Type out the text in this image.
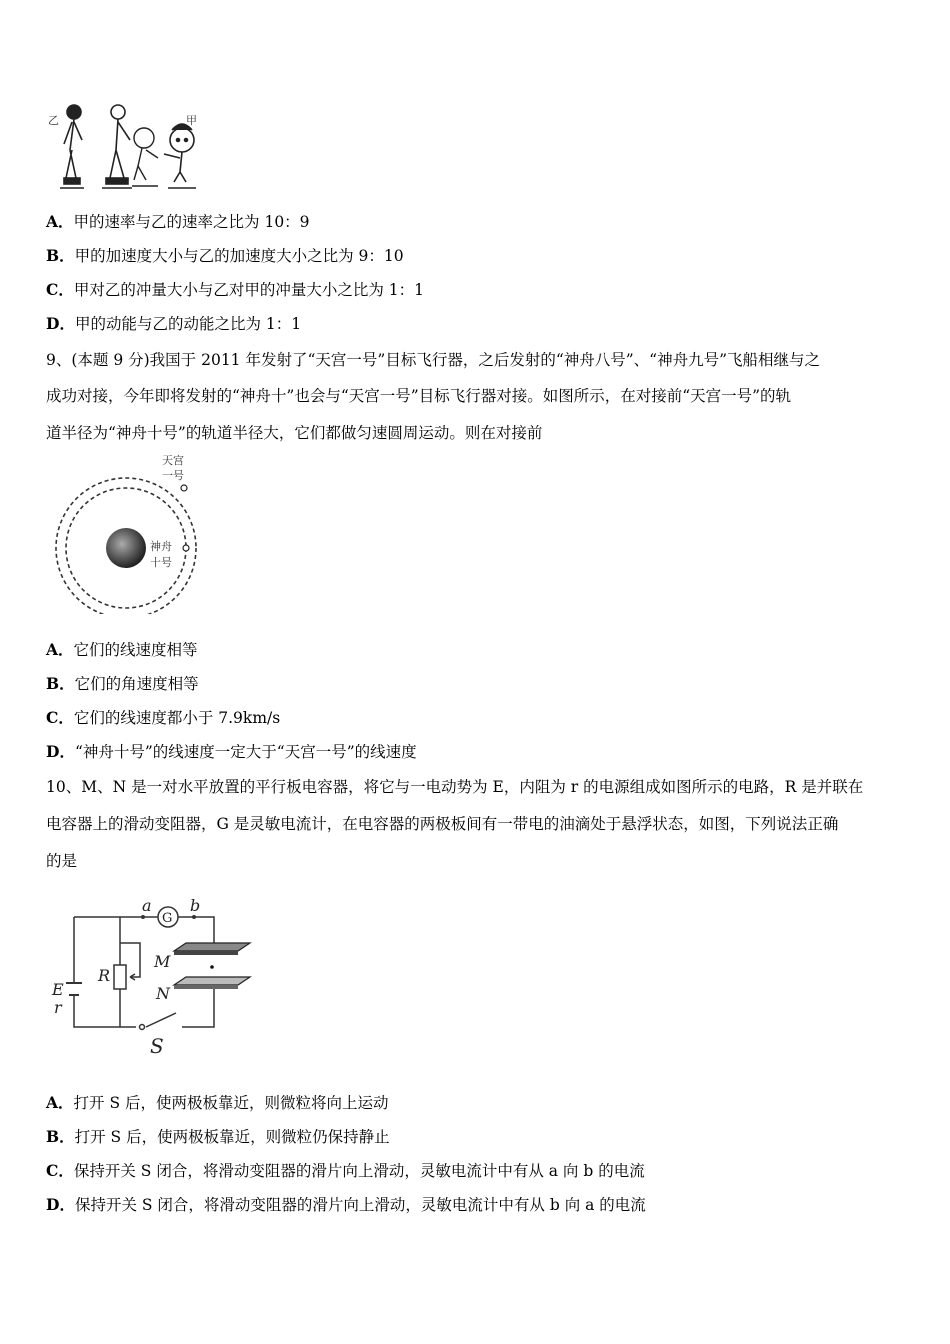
乙	甲
A．甲的速率与乙的速率之比为 10：9
B．甲的加速度大小与乙的加速度大小之比为 9：10
C．甲对乙的冲量大小与乙对甲的冲量大小之比为 1：1
D．甲的动能与乙的动能之比为 1：1
9、(本题 9 分)我国于 2011 年发射了“天宫一号”目标飞行器，之后发射的“神舟八号”、“神舟九号”飞船相继与之
成功对接，今年即将发射的“神舟十”也会与“天宫一号”目标飞行器对接。如图所示，在对接前“天宫一号”的轨
道半径为“神舟十号”的轨道半径大，它们都做匀速圆周运动。则在对接前
天宫
一号
神舟
十号
A．它们的线速度相等
B．它们的角速度相等
C．它们的线速度都小于 7.9km/s
D．“神舟十号”的线速度一定大于“天宫一号”的线速度
10、M、N 是一对水平放置的平行板电容器，将它与一电动势为 E，内阻为 r 的电源组成如图所示的电路，R 是并联在
电容器上的滑动变阻器，G 是灵敏电流计，在电容器的两极板间有一带电的油滴处于悬浮状态，如图，下列说法正确
的是
a
G
b
M
N
R
E
r
S
A．打开 S 后，使两极板靠近，则微粒将向上运动
B．打开 S 后，使两极板靠近，则微粒仍保持静止
C．保持开关 S 闭合，将滑动变阻器的滑片向上滑动，灵敏电流计中有从 a 向 b 的电流
D．保持开关 S 闭合，将滑动变阻器的滑片向上滑动，灵敏电流计中有从 b 向 a 的电流
